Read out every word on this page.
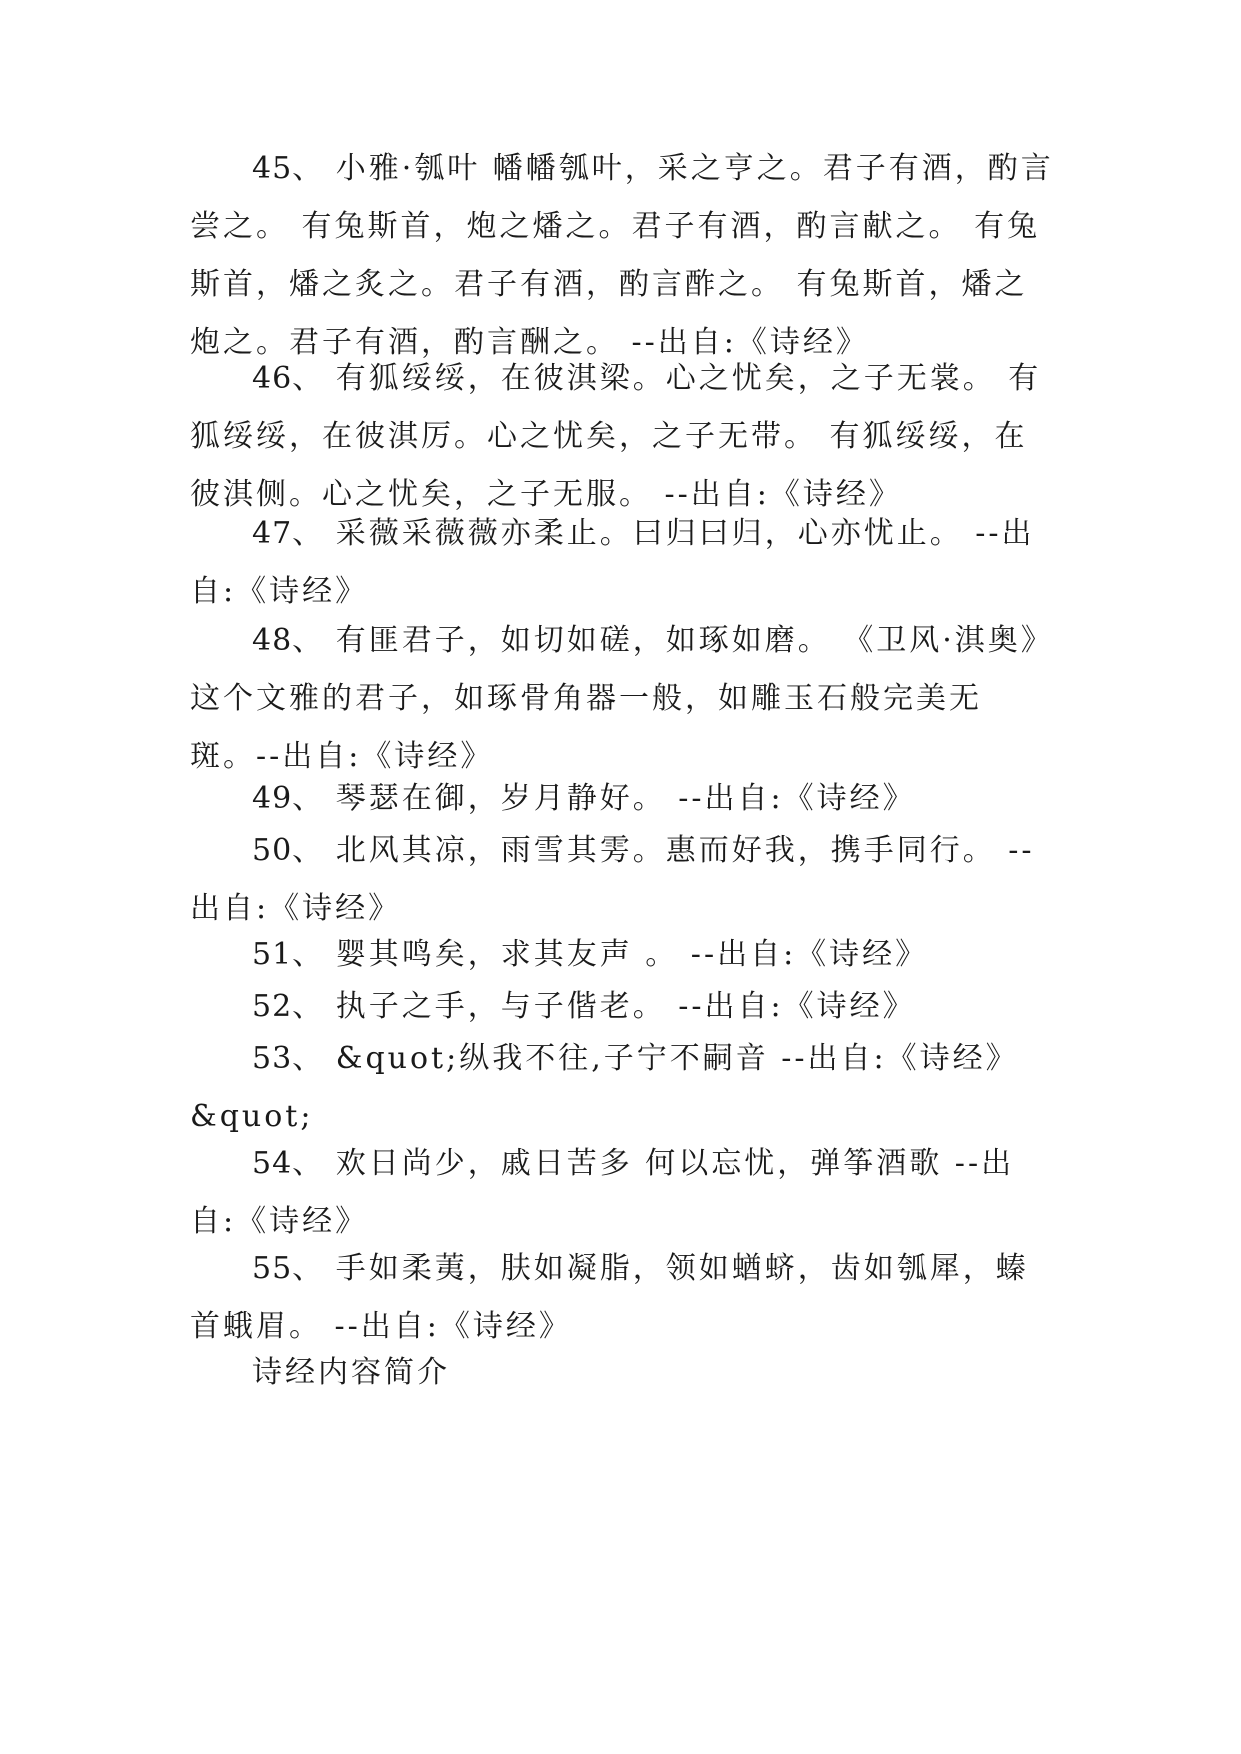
45、 小雅·瓠叶 幡幡瓠叶，采之亨之。君子有酒，酌言尝之。 有兔斯首，炮之燔之。君子有酒，酌言献之。 有兔斯首，燔之炙之。君子有酒，酌言酢之。 有兔斯首，燔之炮之。君子有酒，酌言酬之。 --出自:《诗经》

46、 有狐绥绥，在彼淇梁。心之忧矣，之子无裳。 有狐绥绥，在彼淇厉。心之忧矣，之子无带。 有狐绥绥，在彼淇侧。心之忧矣，之子无服。 --出自:《诗经》

47、 采薇采薇薇亦柔止。曰归曰归，心亦忧止。 --出自:《诗经》

48、 有匪君子，如切如磋，如琢如磨。 《卫风·淇奥》这个文雅的君子，如琢骨角器一般，如雕玉石般完美无斑。--出自:《诗经》

49、 琴瑟在御，岁月静好。 --出自:《诗经》

50、 北风其凉，雨雪其雱。惠而好我，携手同行。 --出自:《诗经》

51、 婴其鸣矣，求其友声 。 --出自:《诗经》

52、 执子之手，与子偕老。 --出自:《诗经》

53、 &quot;纵我不往,子宁不嗣音 --出自:《诗经》&quot;

54、 欢日尚少，戚日苦多 何以忘忧，弹筝酒歌 --出自:《诗经》

55、 手如柔荑，肤如凝脂，领如蝤蛴，齿如瓠犀，螓首蛾眉。 --出自:《诗经》

诗经内容简介
